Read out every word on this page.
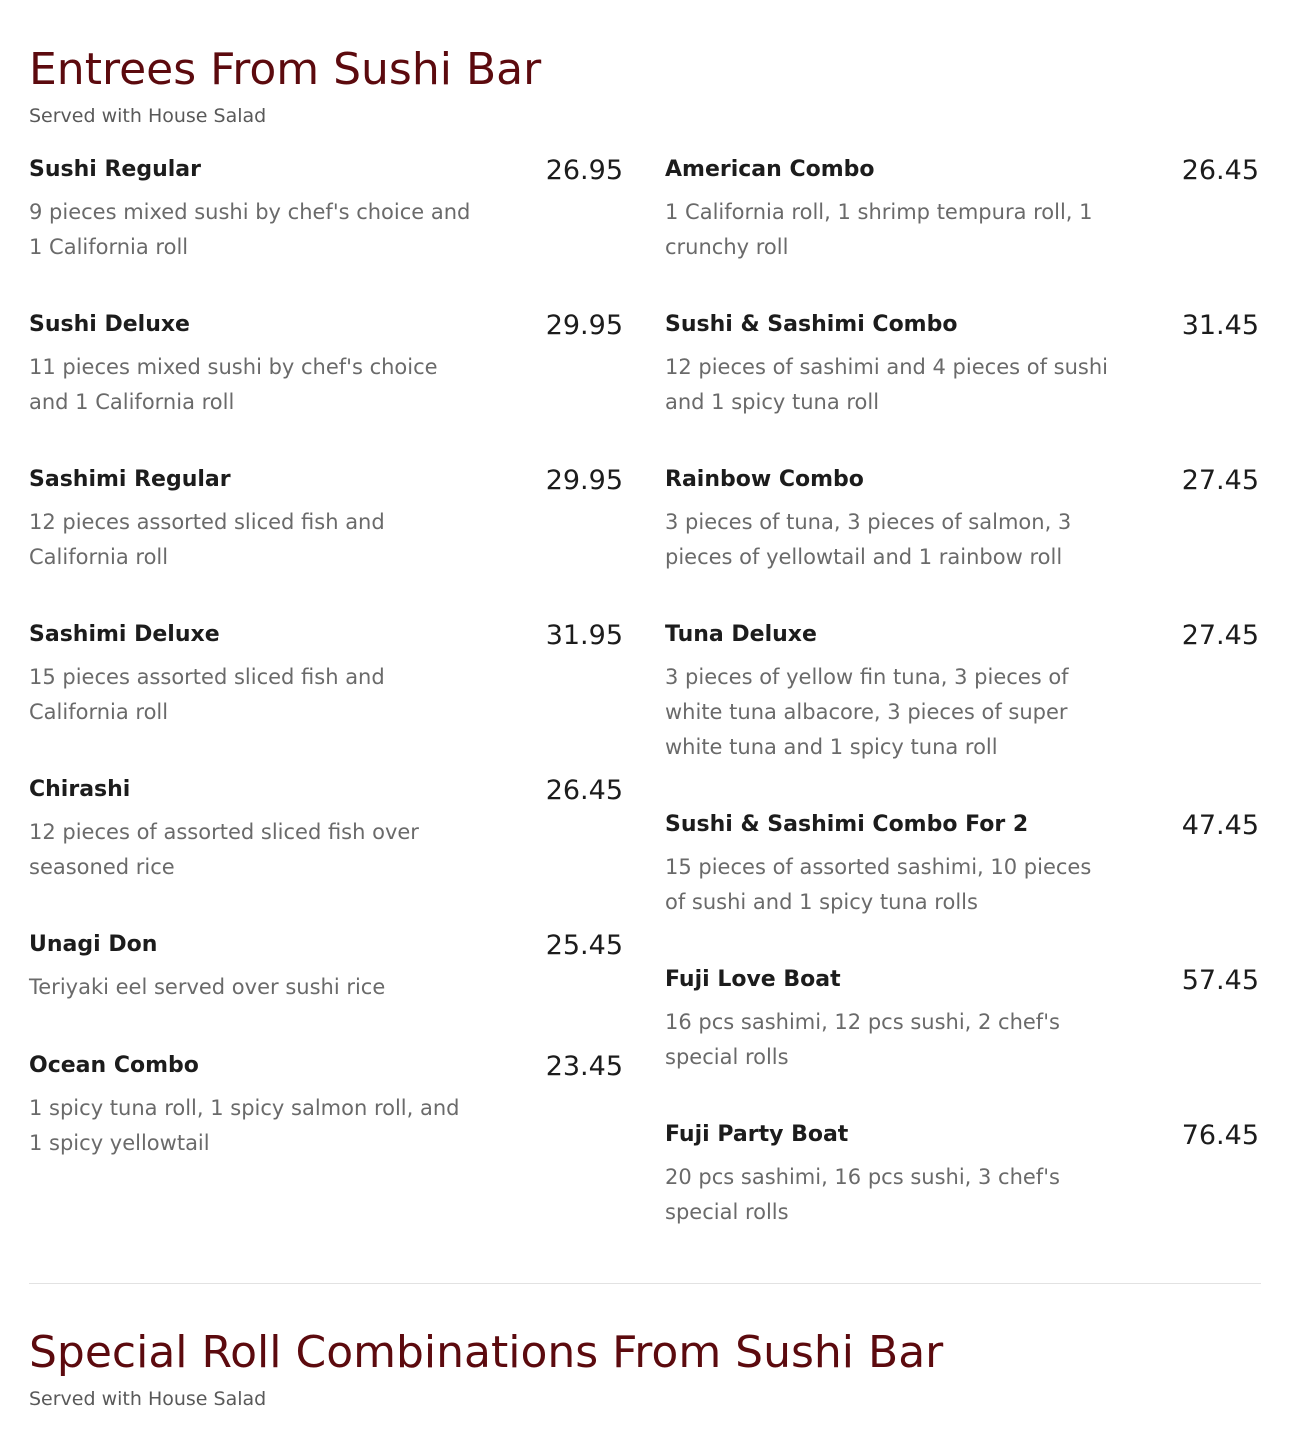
Entrees From Sushi Bar
Served with House Salad
Sushi Regular	26.95
9 pieces mixed sushi by chef's choice and 1 California roll
Sushi Deluxe	29.95
11 pieces mixed sushi by chef's choice and 1 California roll
Sashimi Regular	29.95
12 pieces assorted sliced fish and California roll
Sashimi Deluxe	31.95
15 pieces assorted sliced fish and California roll
Chirashi	26.45
12 pieces of assorted sliced fish over seasoned rice
Unagi Don	25.45
Teriyaki eel served over sushi rice
Ocean Combo	23.45
1 spicy tuna roll, 1 spicy salmon roll, and 1 spicy yellowtail
American Combo	26.45
1 California roll, 1 shrimp tempura roll, 1 crunchy roll
Sushi & Sashimi Combo	31.45
12 pieces of sashimi and 4 pieces of sushi and 1 spicy tuna roll
Rainbow Combo	27.45
3 pieces of tuna, 3 pieces of salmon, 3 pieces of yellowtail and 1 rainbow roll
Tuna Deluxe	27.45
3 pieces of yellow fin tuna, 3 pieces of white tuna albacore, 3 pieces of super white tuna and 1 spicy tuna roll
Sushi & Sashimi Combo For 2	47.45
15 pieces of assorted sashimi, 10 pieces of sushi and 1 spicy tuna rolls
Fuji Love Boat	57.45
16 pcs sashimi, 12 pcs sushi, 2 chef's special rolls
Fuji Party Boat	76.45
20 pcs sashimi, 16 pcs sushi, 3 chef's special rolls
Special Roll Combinations From Sushi Bar
Served with House Salad
